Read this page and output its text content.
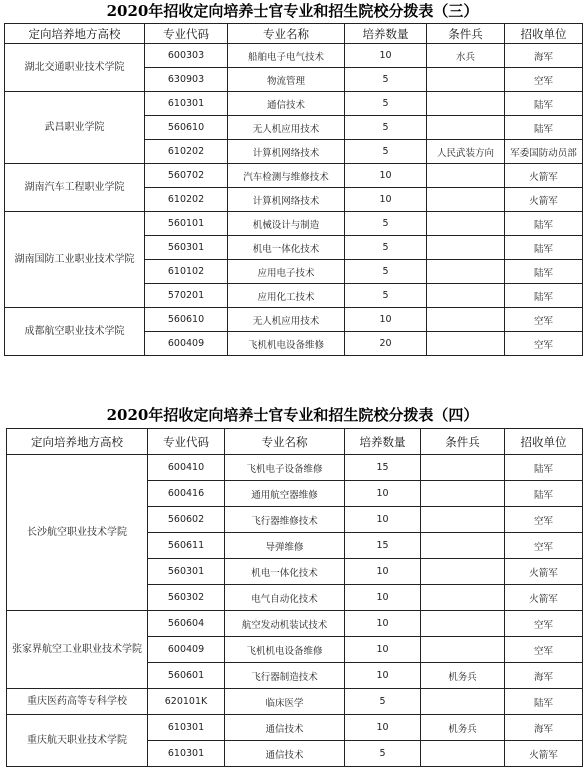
2020年招收定向培养士官专业和招生院校分拨表（三）
定向培养地方高校	专业代码	专业名称	培养数量	条件兵	招收单位
湖北交通职业技术学院	600303	船舶电子电气技术	10	水兵	海军
	630903	物流管理	5		空军
武昌职业学院	610301	通信技术	5		陆军
	560610	无人机应用技术	5		陆军
	610202	计算机网络技术	5	人民武装方向	军委国防动员部
湖南汽车工程职业学院	560702	汽车检测与维修技术	10		火箭军
	610202	计算机网络技术	10		火箭军
湖南国防工业职业技术学院	560101	机械设计与制造	5		陆军
	560301	机电一体化技术	5		陆军
	610102	应用电子技术	5		陆军
	570201	应用化工技术	5		陆军
成都航空职业技术学院	560610	无人机应用技术	10		空军
	600409	飞机机电设备维修	20		空军
2020年招收定向培养士官专业和招生院校分拨表（四）
定向培养地方高校	专业代码	专业名称	培养数量	条件兵	招收单位
长沙航空职业技术学院	600410	飞机电子设备维修	15		陆军
	600416	通用航空器维修	10		陆军
	560602	飞行器维修技术	10		空军
	560611	导弹维修	15		空军
	560301	机电一体化技术	10		火箭军
	560302	电气自动化技术	10		火箭军
张家界航空工业职业技术学院	560604	航空发动机装试技术	10		空军
	600409	飞机机电设备维修	10		空军
	560601	飞行器制造技术	10	机务兵	海军
重庆医药高等专科学校	620101K	临床医学	5		陆军
重庆航天职业技术学院	610301	通信技术	10	机务兵	海军
	610301	通信技术	5		火箭军
